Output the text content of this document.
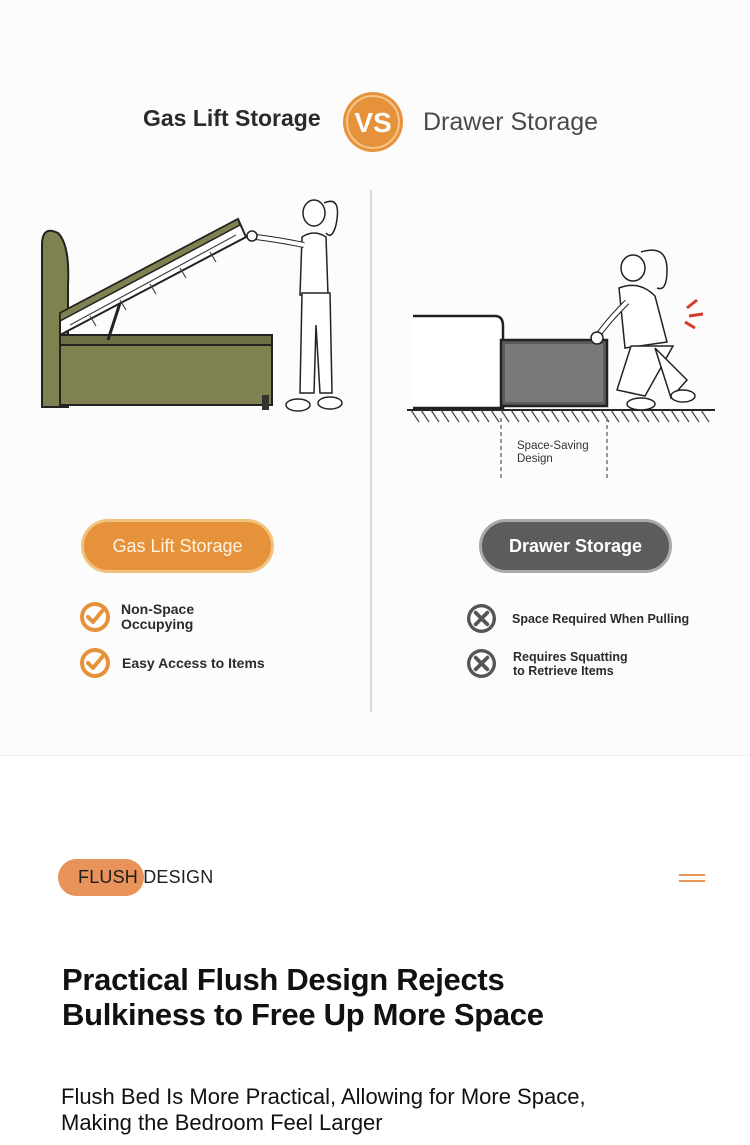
Gas Lift Storage VS Drawer Storage
Space-Saving Design
Gas Lift Storage	Drawer Storage
Non-Space
Occupying
Easy Access to Items
Space Required When Pulling
Requires Squatting
to Retrieve Items
FLUSH DESIGN
Practical Flush Design Rejects Bulkiness to Free Up More Space
Flush Bed Is More Practical, Allowing for More Space, Making the Bedroom Feel Larger
